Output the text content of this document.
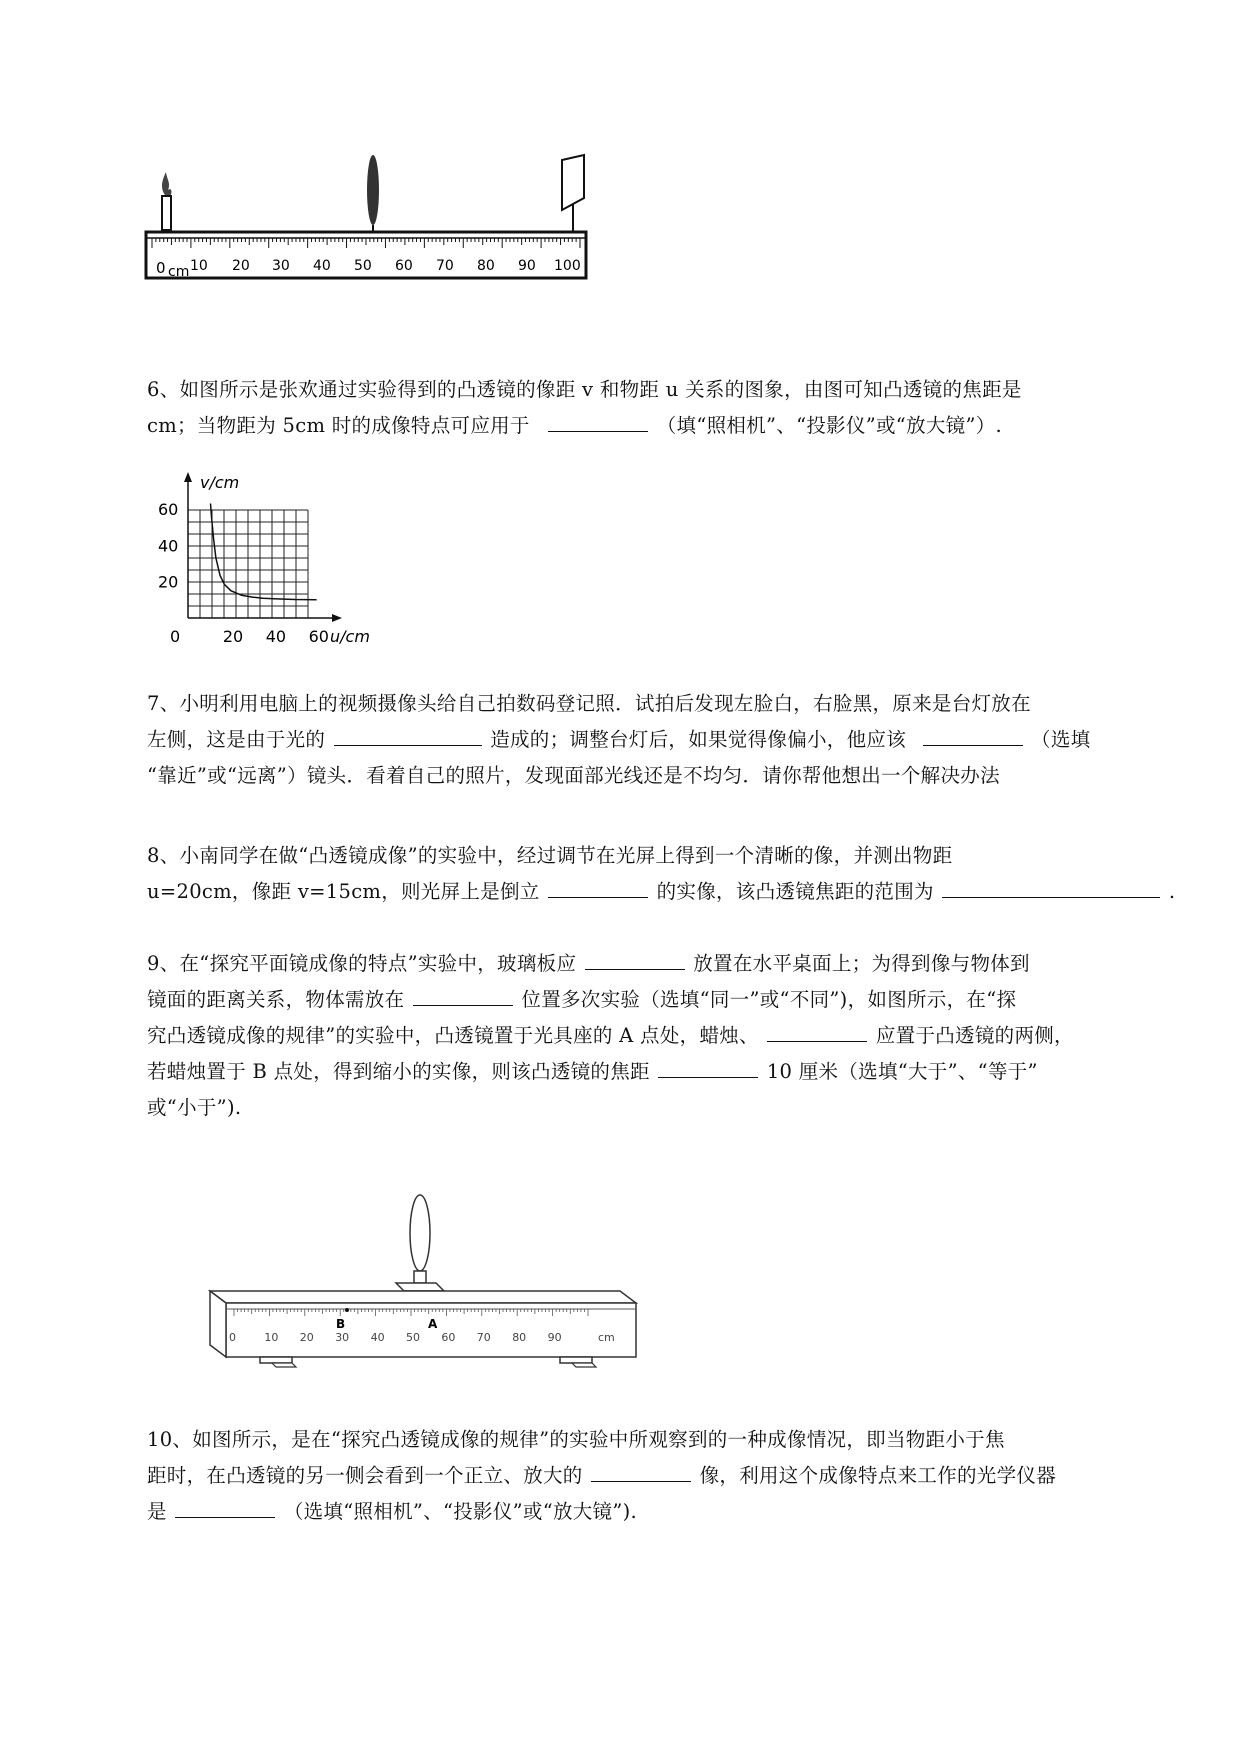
0 cm 10 20 30 40 50 60 70 80 90 100
6、如图所示是张欢通过实验得到的凸透镜的像距 v 和物距 u 关系的图象，由图可知凸透镜的焦距是
cm；当物距为 5cm 时的成像特点可应用于	（填“照相机”、“投影仪”或“放大镜”）.
v/cm
u/cm
0	20 40 60
20
40
60
7、小明利用电脑上的视频摄像头给自己拍数码登记照．试拍后发现左脸白，右脸黑，原来是台灯放在
左侧，这是由于光的	造成的；调整台灯后，如果觉得像偏小，他应该	（选填
“靠近”或“远离”）镜头．看着自己的照片，发现面部光线还是不均匀．请你帮他想出一个解决办法
8、小南同学在做“凸透镜成像”的实验中，经过调节在光屏上得到一个清晰的像，并测出物距
u=20cm，像距 v=15cm，则光屏上是倒立	的实像，该凸透镜焦距的范围为	.
9、在“探究平面镜成像的特点”实验中，玻璃板应	放置在水平桌面上；为得到像与物体到
镜面的距离关系，物体需放在	位置多次实验（选填“同一”或“不同”)，如图所示，在“探
究凸透镜成像的规律”的实验中，凸透镜置于光具座的 A 点处，蜡烛、	应置于凸透镜的两侧，
若蜡烛置于 B 点处，得到缩小的实像，则该凸透镜的焦距	10 厘米（选填“大于”、“等于”
或“小于”).
0	10 20 30 40 50 60 70 80 90	cm
B	A
10、如图所示，是在“探究凸透镜成像的规律”的实验中所观察到的一种成像情况，即当物距小于焦
距时，在凸透镜的另一侧会看到一个正立、放大的	像，利用这个成像特点来工作的光学仪器
是	（选填“照相机”、“投影仪”或“放大镜”).
